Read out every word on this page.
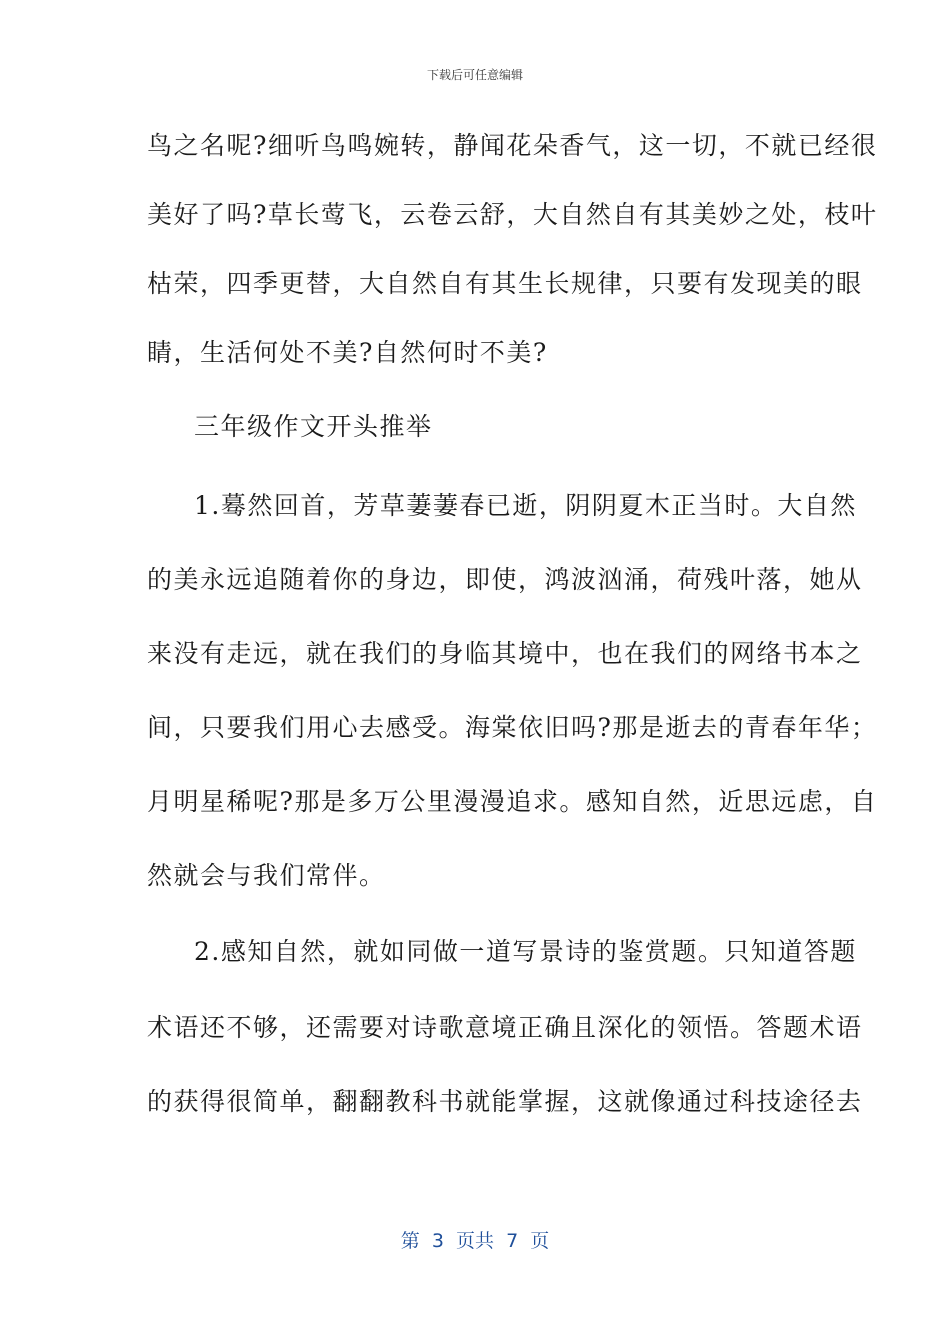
下载后可任意编辑
鸟之名呢?细听鸟鸣婉转，静闻花朵香气，这一切，不就已经很
美好了吗?草长莺飞，云卷云舒，大自然自有其美妙之处，枝叶
枯荣，四季更替，大自然自有其生长规律，只要有发现美的眼
睛，生活何处不美?自然何时不美?
三年级作文开头推举
1.蓦然回首，芳草萋萋春已逝，阴阴夏木正当时。大自然
的美永远追随着你的身边，即使，鸿波汹涌，荷残叶落，她从
来没有走远，就在我们的身临其境中，也在我们的网络书本之
间，只要我们用心去感受。海棠依旧吗?那是逝去的青春年华；
月明星稀呢?那是多万公里漫漫追求。感知自然，近思远虑，自
然就会与我们常伴。
2.感知自然，就如同做一道写景诗的鉴赏题。只知道答题
术语还不够，还需要对诗歌意境正确且深化的领悟。答题术语
的获得很简单，翻翻教科书就能掌握，这就像通过科技途径去
第  3  页共  7  页
